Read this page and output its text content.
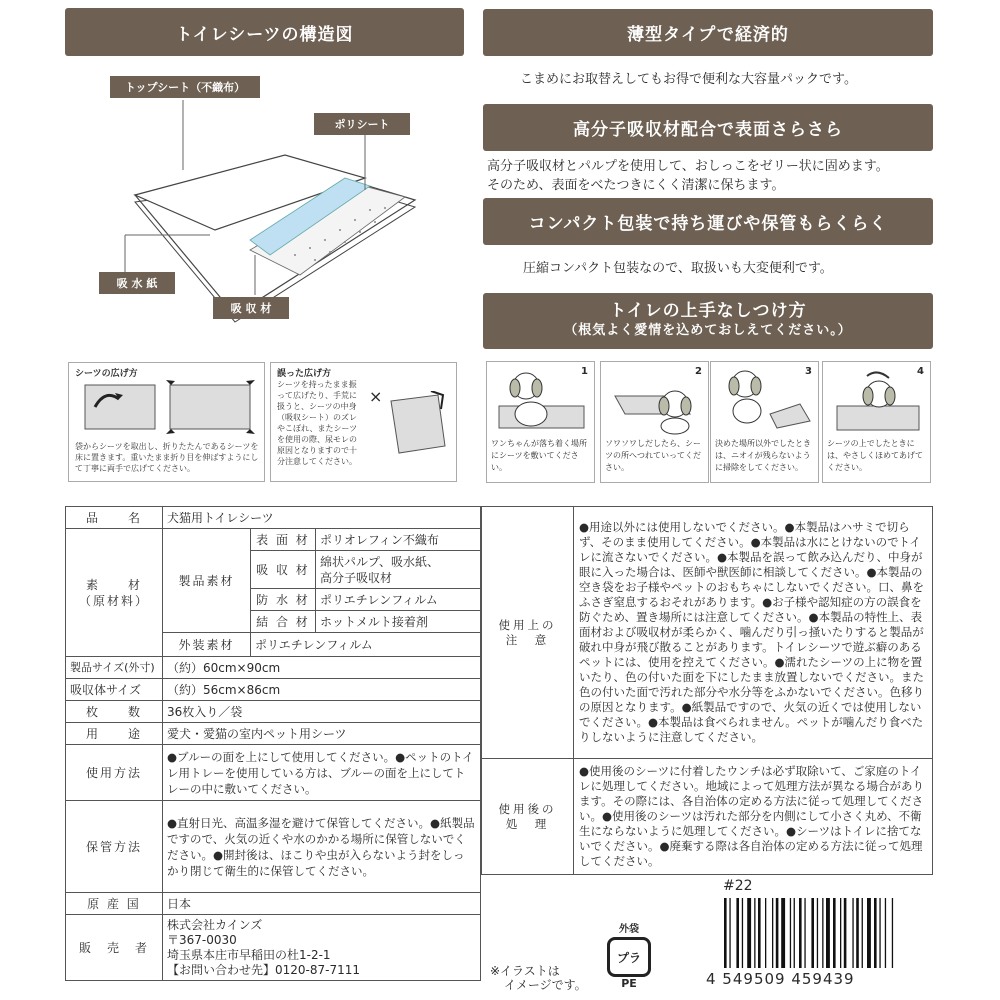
トイレシーツの構造図
トップシート（不織布）
ポリシート
吸 水 紙
吸 収 材
シーツの広げ方
袋からシーツを取出し、折りたたんであるシーツを床に置きます。重いたまま折り目を伸ばすようにして丁寧に両手で広げてください。
誤った広げ方
シーツを持ったまま振って広げたり、手荒に扱うと、シーツの中身（吸収シート）のズレやこぼれ、またシーツを使用の際、尿モレの原因となりますので十分注意してください。
×
薄型タイプで経済的
こまめにお取替えしてもお得で便利な大容量パックです。
高分子吸収材配合で表面さらさら
高分子吸収材とパルプを使用して、おしっこをゼリー状に固めます。
そのため、表面をべたつきにくく清潔に保ちます。
コンパクト包装で持ち運びや保管もらくらく
圧縮コンパクト包装なので、取扱いも大変便利です。
トイレの上手なしつけ方
（根気よく愛情を込めておしえてください。）
1
ワンちゃんが落ち着く場所にシーツを敷いてください。
2
ソワソワしだしたら、シーツの所へつれていってください。
3
決めた場所以外でしたときは、ニオイが残らないように掃除をしてください。
4
シーツの上でしたときには、やさしくほめてあげてください。
品　　名	犬猫用トイレシーツ		

素　　材
（原材料）	製品素材	表 面 材	ポリオレフィン不織布
		吸 収 材	綿状パルプ、吸水紙、
高分子吸収材

		防 水 材	ポリエチレンフィルム
		結 合 材	ホットメルト接着剤
	外装素材	ポリエチレンフィルム	
製品サイズ(外寸)	（約）60cm×90cm		
吸収体サイズ	（約）56cm×86cm		
枚　　数	36枚入り／袋		
用　　途	愛犬・愛猫の室内ペット用シーツ		
使用方法	●ブルーの面を上にして使用してください。●ペットのトイレ用トレーを使用している方は、ブルーの面を上にしてトレーの中に敷いてください。		
保管方法	●直射日光、高温多湿を避けて保管してください。●紙製品ですので、火気の近くや水のかかる場所に保管しないでください。●開封後は、ほこりや虫が入らないよう封をしっかり閉じて衛生的に保管してください。		
原 産 国	日本		
販　売　者	株式会社カインズ
〒367-0030
埼玉県本庄市早稲田の杜1-2-1
【お問い合わせ先】0120-87-7111		
使用上の
注　意	●用途以外には使用しないでください。●本製品はハサミで切らず、そのまま使用してください。●本製品は水にとけないのでトイレに流さないでください。●本製品を誤って飲み込んだり、中身が眼に入った場合は、医師や獣医師に相談してください。●本製品の空き袋をお子様やペットのおもちゃにしないでください。口、鼻をふさぎ窒息するおそれがあります。●お子様や認知症の方の誤食を防ぐため、置き場所には注意してください。●本製品の特性上、表面材および吸収材が柔らかく、噛んだり引っ掻いたりすると製品が破れ中身が飛び散ることがあります。トイレシーツで遊ぶ癖のあるペットには、使用を控えてください。●濡れたシーツの上に物を置いたり、色の付いた面を下にしたまま放置しないでください。また色の付いた面で汚れた部分や水分等をふかないでください。色移りの原因となります。●紙製品ですので、火気の近くでは使用しないでください。●本製品は食べられません。ペットが噛んだり食べたりしないように注意してください。

使用後の
処　理	●使用後のシーツに付着したウンチは必ず取除いて、ご家庭のトイレに処理してください。地域によって処理方法が異なる場合があります。その際には、各自治体の定める方法に従って処理してください。●使用後のシーツは汚れた部分を内側にして小さく丸め、不衛生にならないように処理してください。●シーツはトイレに捨てないでください。●廃棄する際は各自治体の定める方法に従って処理してください。
※イラストは
イメージです。
外袋
プラ
PE
#22
4 549509 459439
